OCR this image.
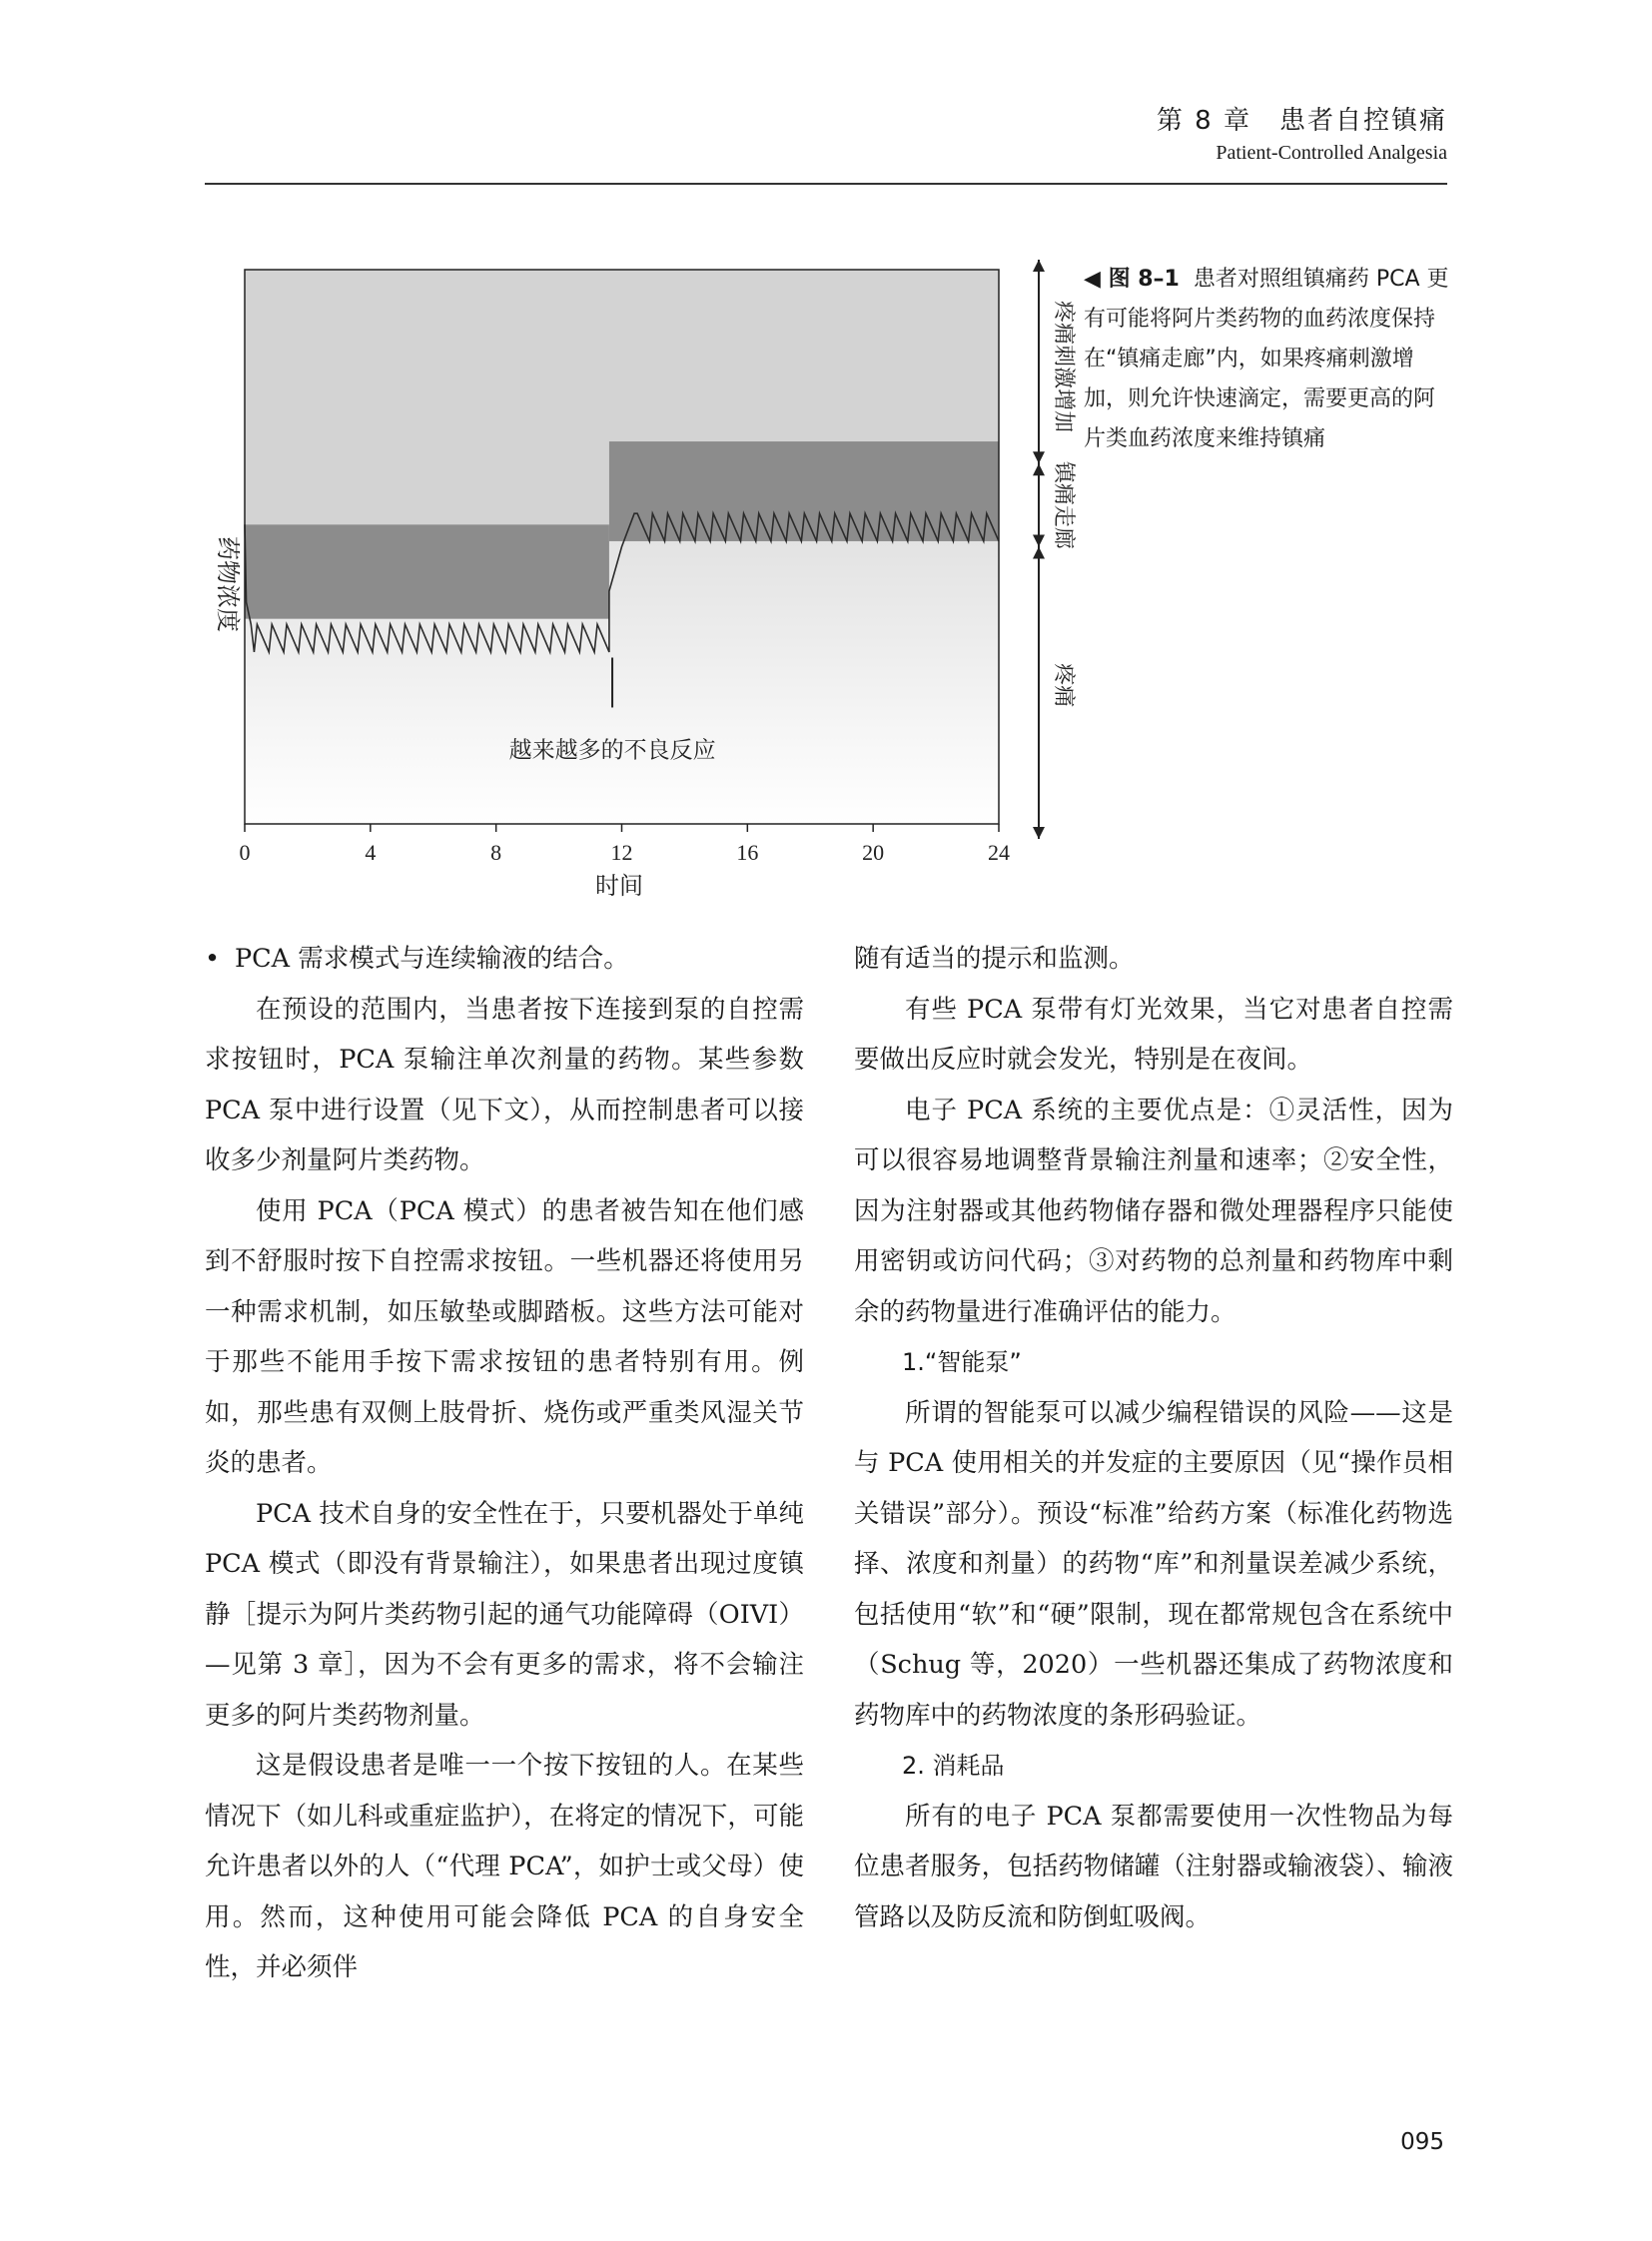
第 8 章　患者自控镇痛
Patient-Controlled Analgesia
药物浓度
越来越多的不良反应
0	4	8	12	16	20	24
时间
疼痛刺激增加
镇痛走廊
疼痛
◀ 图 8–1 患者对照组镇痛药 PCA 更有可能将阿片类药物的血药浓度保持在“镇痛走廊”内，如果疼痛刺激增加，则允许快速滴定，需要更高的阿片类血药浓度来维持镇痛

• PCA 需求模式与连续输液的结合。

在预设的范围内，当患者按下连接到泵的自控需求按钮时，PCA 泵输注单次剂量的药物。某些参数 PCA 泵中进行设置（见下文），从而控制患者可以接收多少剂量阿片类药物。

使用 PCA（PCA 模式）的患者被告知在他们感到不舒服时按下自控需求按钮。一些机器还将使用另一种需求机制，如压敏垫或脚踏板。这些方法可能对于那些不能用手按下需求按钮的患者特别有用。例如，那些患有双侧上肢骨折、烧伤或严重类风湿关节炎的患者。

PCA 技术自身的安全性在于，只要机器处于单纯 PCA 模式（即没有背景输注），如果患者出现过度镇静［提示为阿片类药物引起的通气功能障碍（OIVI）—见第 3 章］，因为不会有更多的需求，将不会输注更多的阿片类药物剂量。

这是假设患者是唯一一个按下按钮的人。在某些情况下（如儿科或重症监护），在将定的情况下，可能允许患者以外的人（“代理 PCA”，如护士或父母）使用。然而，这种使用可能会降低 PCA 的自身安全性，并必须伴

随有适当的提示和监测。

有些 PCA 泵带有灯光效果，当它对患者自控需要做出反应时就会发光，特别是在夜间。

电子 PCA 系统的主要优点是：①灵活性，因为可以很容易地调整背景输注剂量和速率；②安全性，因为注射器或其他药物储存器和微处理器程序只能使用密钥或访问代码；③对药物的总剂量和药物库中剩余的药物量进行准确评估的能力。

1.“智能泵”

所谓的智能泵可以减少编程错误的风险——这是与 PCA 使用相关的并发症的主要原因（见“操作员相关错误”部分）。预设“标准”给药方案（标准化药物选择、浓度和剂量）的药物“库”和剂量误差减少系统，包括使用“软”和“硬”限制，现在都常规包含在系统中（Schug 等，2020）一些机器还集成了药物浓度和药物库中的药物浓度的条形码验证。

2. 消耗品

所有的电子 PCA 泵都需要使用一次性物品为每位患者服务，包括药物储罐（注射器或输液袋）、输液管路以及防反流和防倒虹吸阀。

095
